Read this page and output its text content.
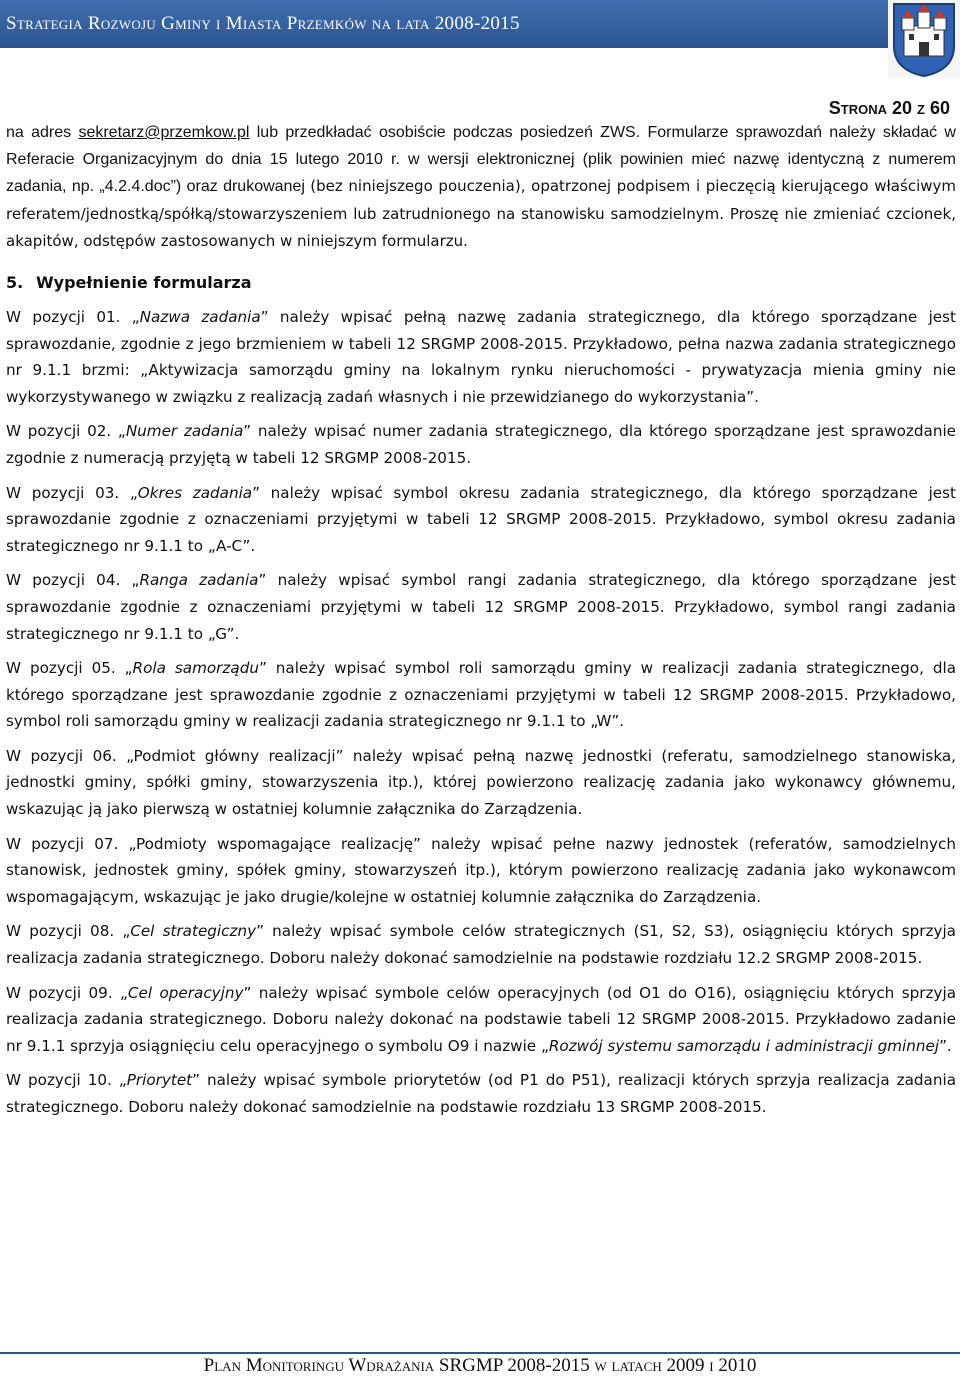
Strategia Rozwoju Gminy i Miasta Przemków na lata 2008-2015
Strona 20 z 60

na adres sekretarz@przemkow.pl lub przedkładać osobiście podczas posiedzeń ZWS. Formularze sprawozdań należy składać w Referacie Organizacyjnym do dnia 15 lutego 2010 r. w wersji elektronicznej (plik powinien mieć nazwę identyczną z numerem zadania, np. „4.2.4.doc”) oraz drukowanej (bez niniejszego pouczenia), opatrzonej podpisem i pieczęcią kierującego właściwym referatem/jednostką/spółką/stowarzyszeniem lub zatrudnionego na stanowisku samodzielnym. Proszę nie zmieniać czcionek, akapitów, odstępów zastosowanych w niniejszym formularzu.

5. Wypełnienie formularza

W pozycji 01. „Nazwa zadania” należy wpisać pełną nazwę zadania strategicznego, dla którego sporządzane jest sprawozdanie, zgodnie z jego brzmieniem w tabeli 12 SRGMP 2008-2015. Przykładowo, pełna nazwa zadania strategicznego nr 9.1.1 brzmi: „Aktywizacja samorządu gminy na lokalnym rynku nieruchomości - prywatyzacja mienia gminy nie wykorzystywanego w związku z realizacją zadań własnych i nie przewidzianego do wykorzystania”.

W pozycji 02. „Numer zadania” należy wpisać numer zadania strategicznego, dla którego sporządzane jest sprawozdanie zgodnie z numeracją przyjętą w tabeli 12 SRGMP 2008-2015.

W pozycji 03. „Okres zadania” należy wpisać symbol okresu zadania strategicznego, dla którego sporządzane jest sprawozdanie zgodnie z oznaczeniami przyjętymi w tabeli 12 SRGMP 2008-2015. Przykładowo, symbol okresu zadania strategicznego nr 9.1.1 to „A-C”.

W pozycji 04. „Ranga zadania” należy wpisać symbol rangi zadania strategicznego, dla którego sporządzane jest sprawozdanie zgodnie z oznaczeniami przyjętymi w tabeli 12 SRGMP 2008-2015. Przykładowo, symbol rangi zadania strategicznego nr 9.1.1 to „G”.

W pozycji 05. „Rola samorządu” należy wpisać symbol roli samorządu gminy w realizacji zadania strategicznego, dla którego sporządzane jest sprawozdanie zgodnie z oznaczeniami przyjętymi w tabeli 12 SRGMP 2008-2015. Przykładowo, symbol roli samorządu gminy w realizacji zadania strategicznego nr 9.1.1 to „W”.

W pozycji 06. „Podmiot główny realizacji” należy wpisać pełną nazwę jednostki (referatu, samodzielnego stanowiska, jednostki gminy, spółki gminy, stowarzyszenia itp.), której powierzono realizację zadania jako wykonawcy głównemu, wskazując ją jako pierwszą w ostatniej kolumnie załącznika do Zarządzenia.

W pozycji 07. „Podmioty wspomagające realizację” należy wpisać pełne nazwy jednostek (referatów, samodzielnych stanowisk, jednostek gminy, spółek gminy, stowarzyszeń itp.), którym powierzono realizację zadania jako wykonawcom wspomagającym, wskazując je jako drugie/kolejne w ostatniej kolumnie załącznika do Zarządzenia.

W pozycji 08. „Cel strategiczny” należy wpisać symbole celów strategicznych (S1, S2, S3), osiągnięciu których sprzyja realizacja zadania strategicznego. Doboru należy dokonać samodzielnie na podstawie rozdziału 12.2 SRGMP 2008-2015.

W pozycji 09. „Cel operacyjny” należy wpisać symbole celów operacyjnych (od O1 do O16), osiągnięciu których sprzyja realizacja zadania strategicznego. Doboru należy dokonać na podstawie tabeli 12 SRGMP 2008-2015. Przykładowo zadanie nr 9.1.1 sprzyja osiągnięciu celu operacyjnego o symbolu O9 i nazwie „Rozwój systemu samorządu i administracji gminnej”.

W pozycji 10. „Priorytet” należy wpisać symbole priorytetów (od P1 do P51), realizacji których sprzyja realizacja zadania strategicznego. Doboru należy dokonać samodzielnie na podstawie rozdziału 13 SRGMP 2008-2015.

Plan Monitoringu Wdrażania SRGMP 2008-2015 w latach 2009 i 2010
